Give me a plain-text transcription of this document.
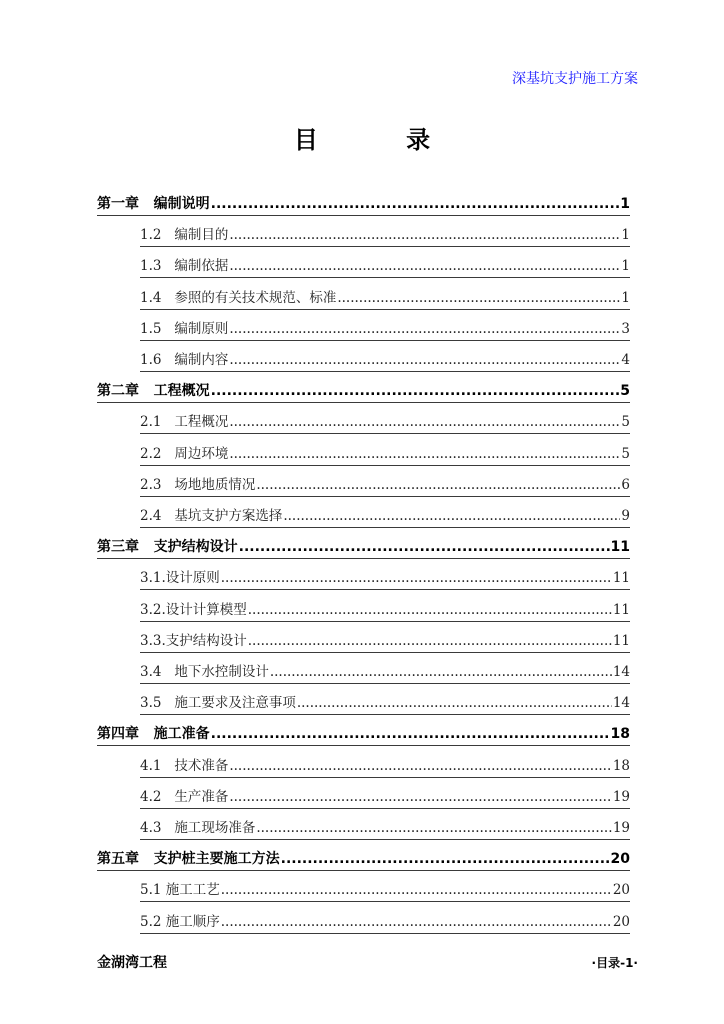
深基坑支护施工方案
目 录
第一章   编制说明 .....	1
1.2   编制目的 .....	1
1.3   编制依据 .....	1
1.4   参照的有关技术规范、标准 .....	1
1.5   编制原则 .....	3
1.6   编制内容 .....	4
第二章   工程概况 .....	5
2.1   工程概况 .....	5
2.2   周边环境 .....	5
2.3   场地地质情况 .....	6
2.4   基坑支护方案选择 .....	9
第三章   支护结构设计 .....	11
3.1.设计原则 .....	11
3.2.设计计算模型 .....	11
3.3.支护结构设计 .....	11
3.4   地下水控制设计 .....	14
3.5   施工要求及注意事项 .....	14
第四章   施工准备 .....	18
4.1   技术准备 .....	18
4.2   生产准备 .....	19
4.3   施工现场准备 .....	19
第五章   支护桩主要施工方法 .....	20
5.1 施工工艺 .....	20
5.2 施工顺序 .....	20
金湖湾工程	·目录-1·
